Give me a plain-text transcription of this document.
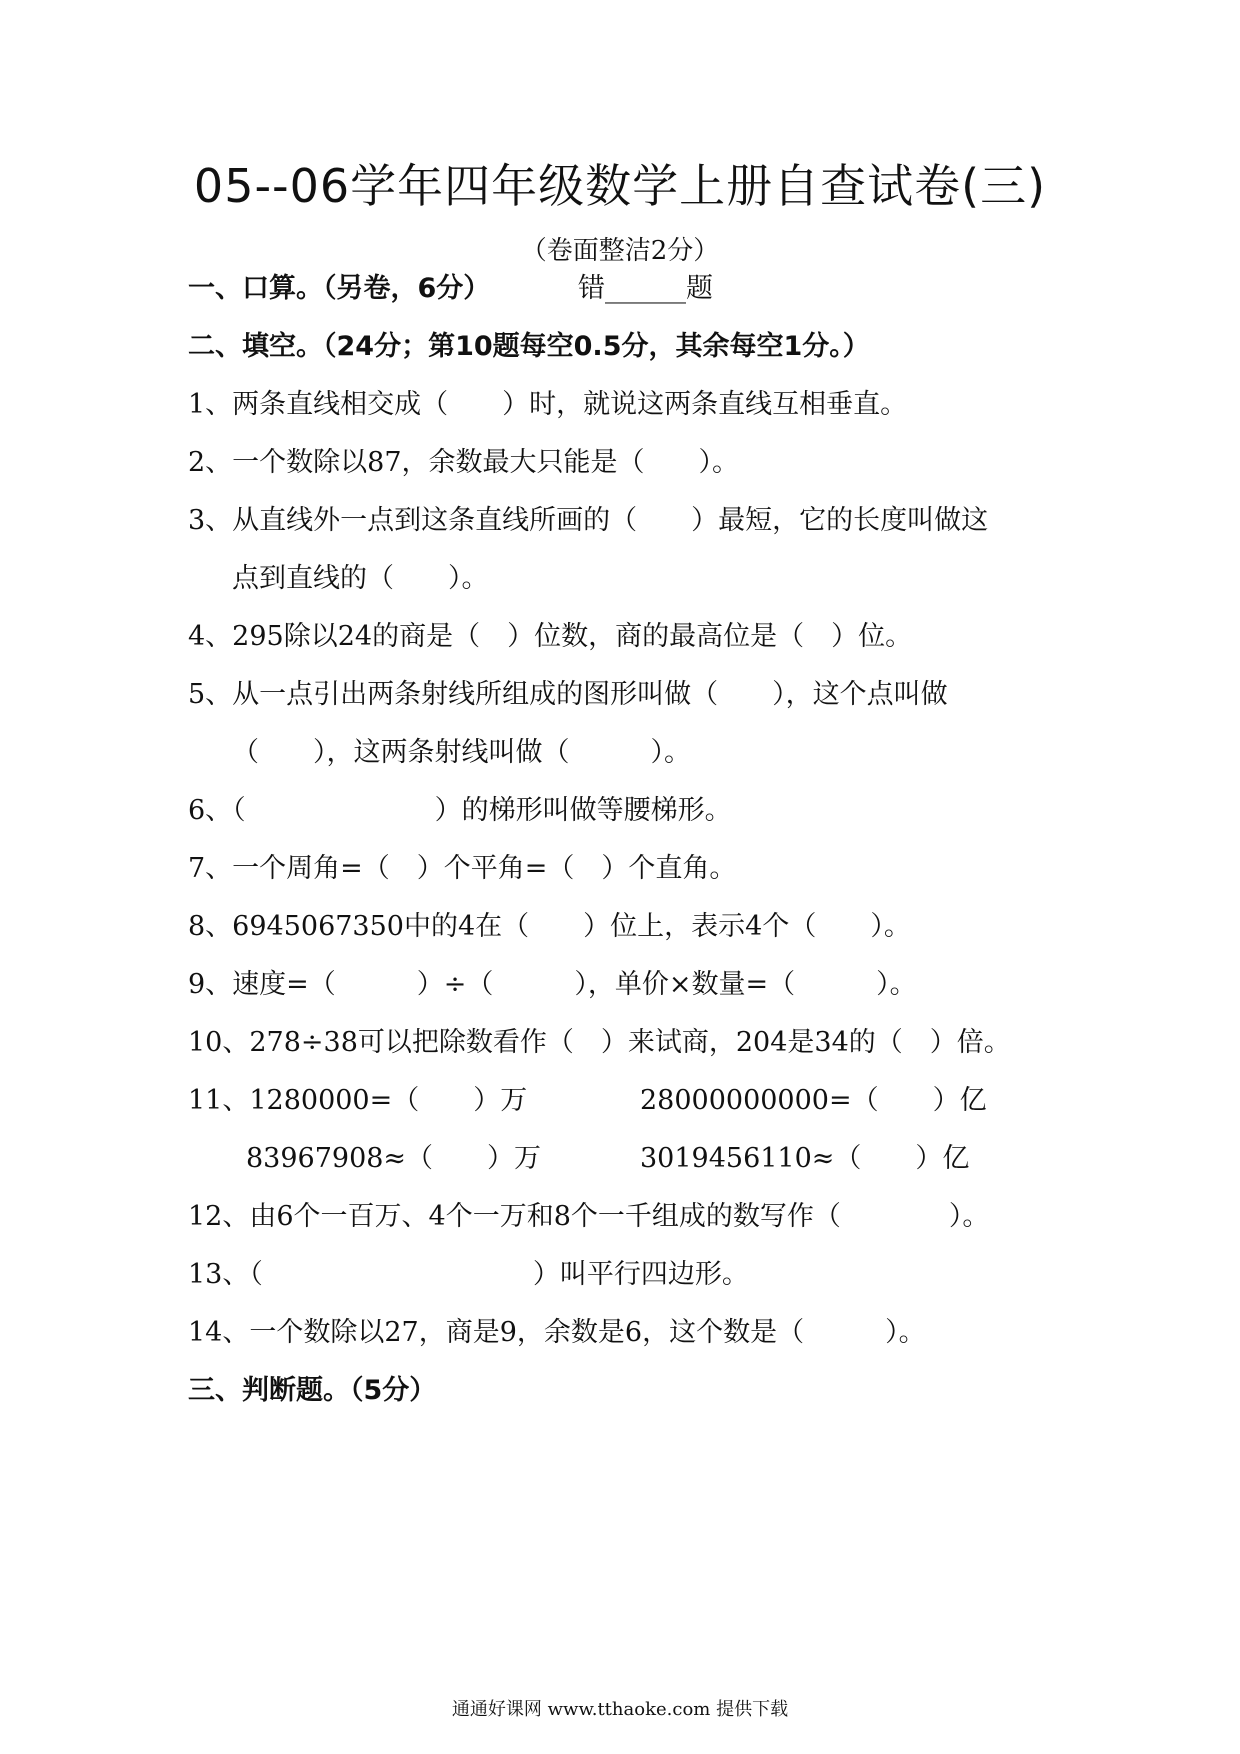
05--06学年四年级数学上册自查试卷(三)
（卷面整洁2分）
一、口算。（另卷，6分）	错______题
二、填空。（24分；第10题每空0.5分，其余每空1分。）
1、两条直线相交成（　　）时，就说这两条直线互相垂直。
2、一个数除以87，余数最大只能是（　　）。
3、从直线外一点到这条直线所画的（　　）最短，它的长度叫做这
点到直线的（　　）。
4、295除以24的商是（　）位数，商的最高位是（　）位。
5、从一点引出两条射线所组成的图形叫做（　　），这个点叫做
（　　），这两条射线叫做（　　　）。
6、（　　　　　　　）的梯形叫做等腰梯形。
7、一个周角=（　）个平角=（　）个直角。
8、6945067350中的4在（　　）位上，表示4个（　　）。
9、速度=（　　　）÷（　　　），单价×数量=（　　　）。
10、278÷38可以把除数看作（　）来试商，204是34的（　）倍。
11、1280000=（　　）万	28000000000=（　　）亿
83967908≈（　　）万	3019456110≈（　　）亿
12、由6个一百万、4个一万和8个一千组成的数写作（　　　　）。
13、（　　　　　　　　　　）叫平行四边形。
14、一个数除以27，商是9，余数是6，这个数是（　　　）。
三、判断题。（5分）
通通好课网 www.tthaoke.com 提供下载
